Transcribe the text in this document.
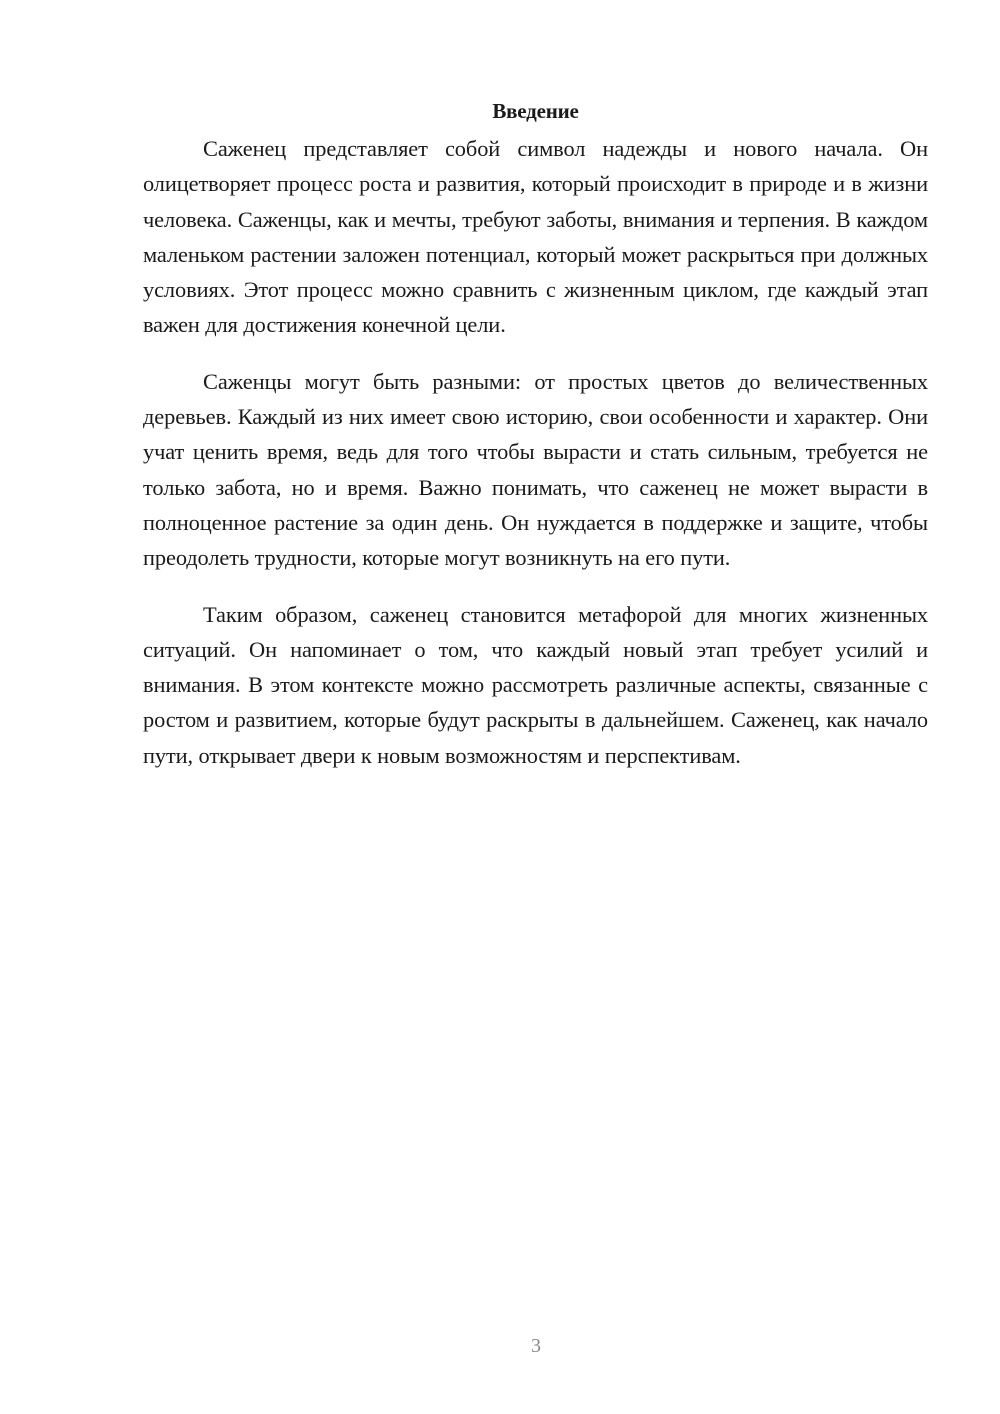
Введение

Саженец представляет собой символ надежды и нового начала. Он олицетворяет процесс роста и развития, который происходит в природе и в жизни человека. Саженцы, как и мечты, требуют заботы, внимания и терпения. В каждом маленьком растении заложен потенциал, который может раскрыться при должных условиях. Этот процесс можно сравнить с жизненным циклом, где каждый этап важен для достижения конечной цели.

Саженцы могут быть разными: от простых цветов до величественных деревьев. Каждый из них имеет свою историю, свои особенности и характер. Они учат ценить время, ведь для того чтобы вырасти и стать сильным, требуется не только забота, но и время. Важно понимать, что саженец не может вырасти в полноценное растение за один день. Он нуждается в поддержке и защите, чтобы преодолеть трудности, которые могут возникнуть на его пути.

Таким образом, саженец становится метафорой для многих жизненных ситуаций. Он напоминает о том, что каждый новый этап требует усилий и внимания. В этом контексте можно рассмотреть различные аспекты, связанные с ростом и развитием, которые будут раскрыты в дальнейшем. Саженец, как начало пути, открывает двери к новым возможностям и перспективам.

3
